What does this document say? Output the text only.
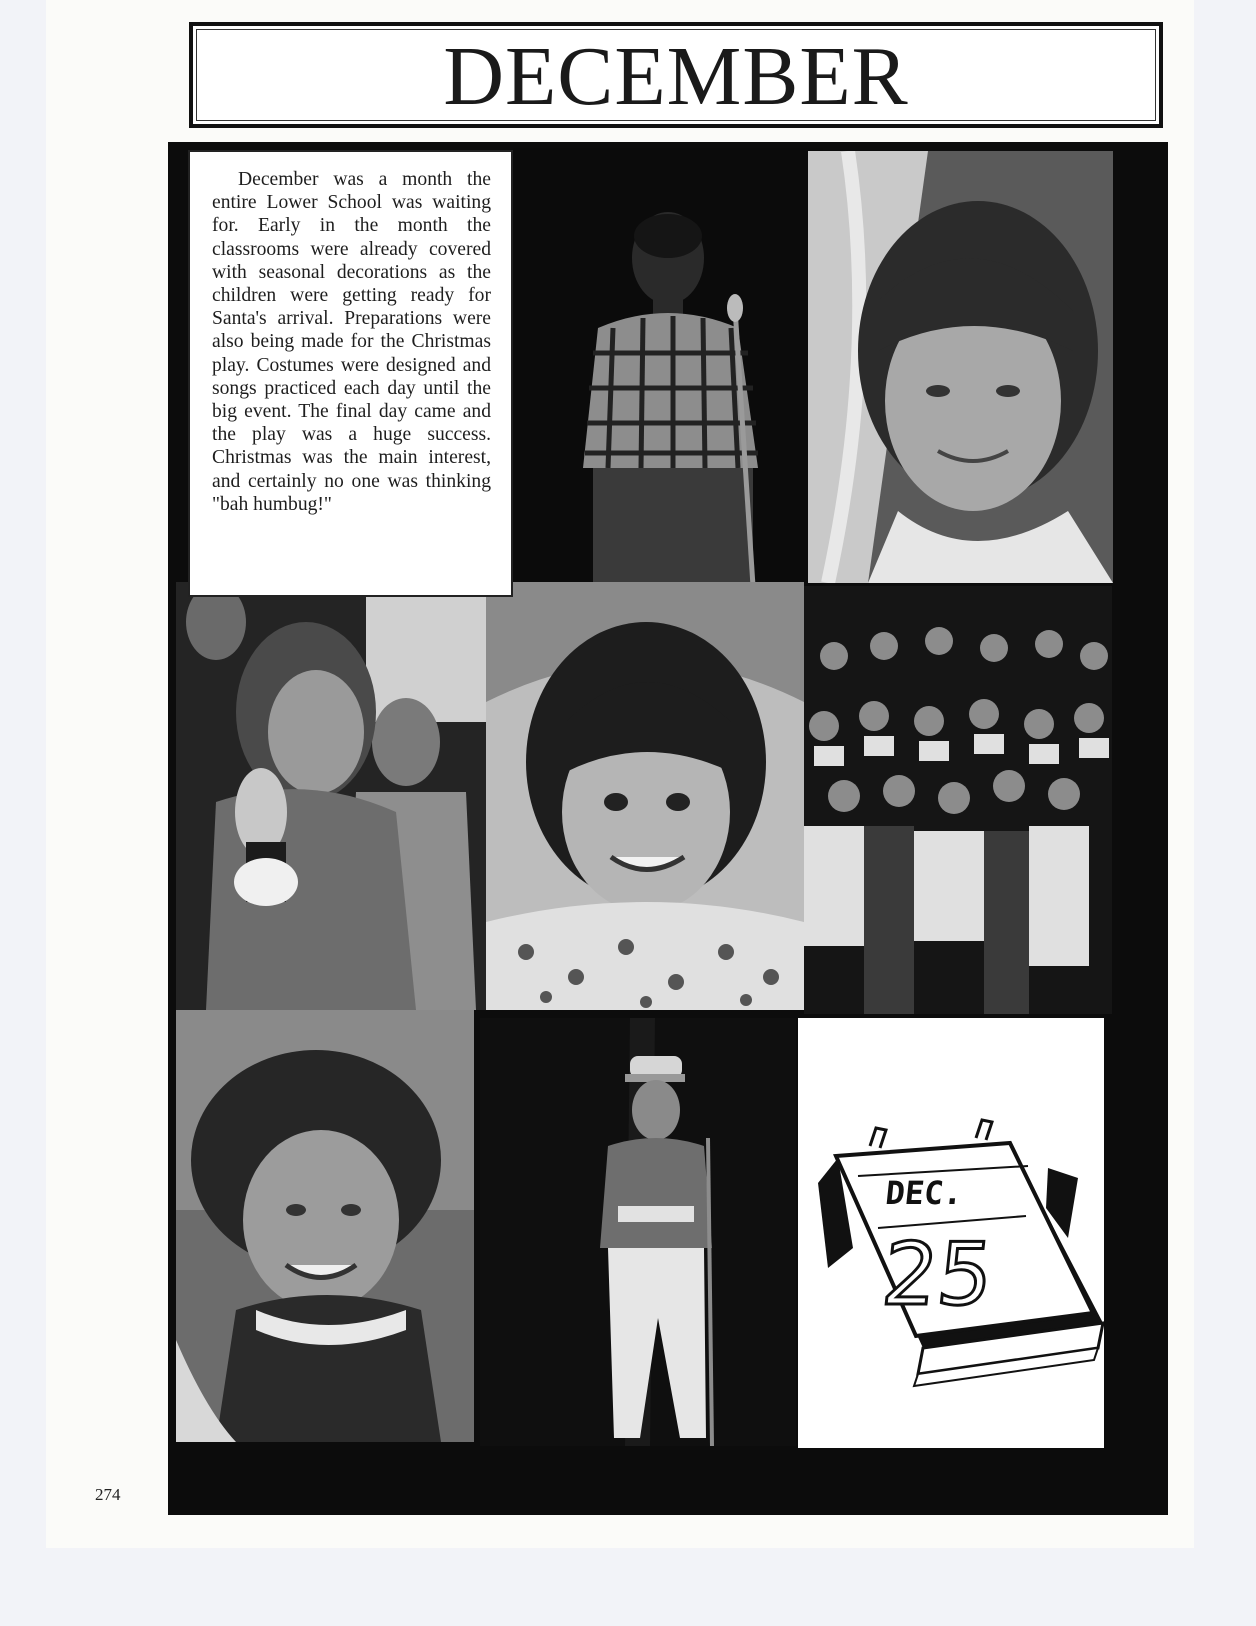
DECEMBER
DEC.
25

December was a month the entire Lower School was waiting for. Early in the month the classrooms were already covered with seasonal decorations as the children were getting ready for Santa's arrival. Preparations were also being made for the Christmas play. Costumes were designed and songs practiced each day until the big event. The final day came and the play was a huge success. Christmas was the main interest, and certainly no one was thinking "bah humbug!"

274
